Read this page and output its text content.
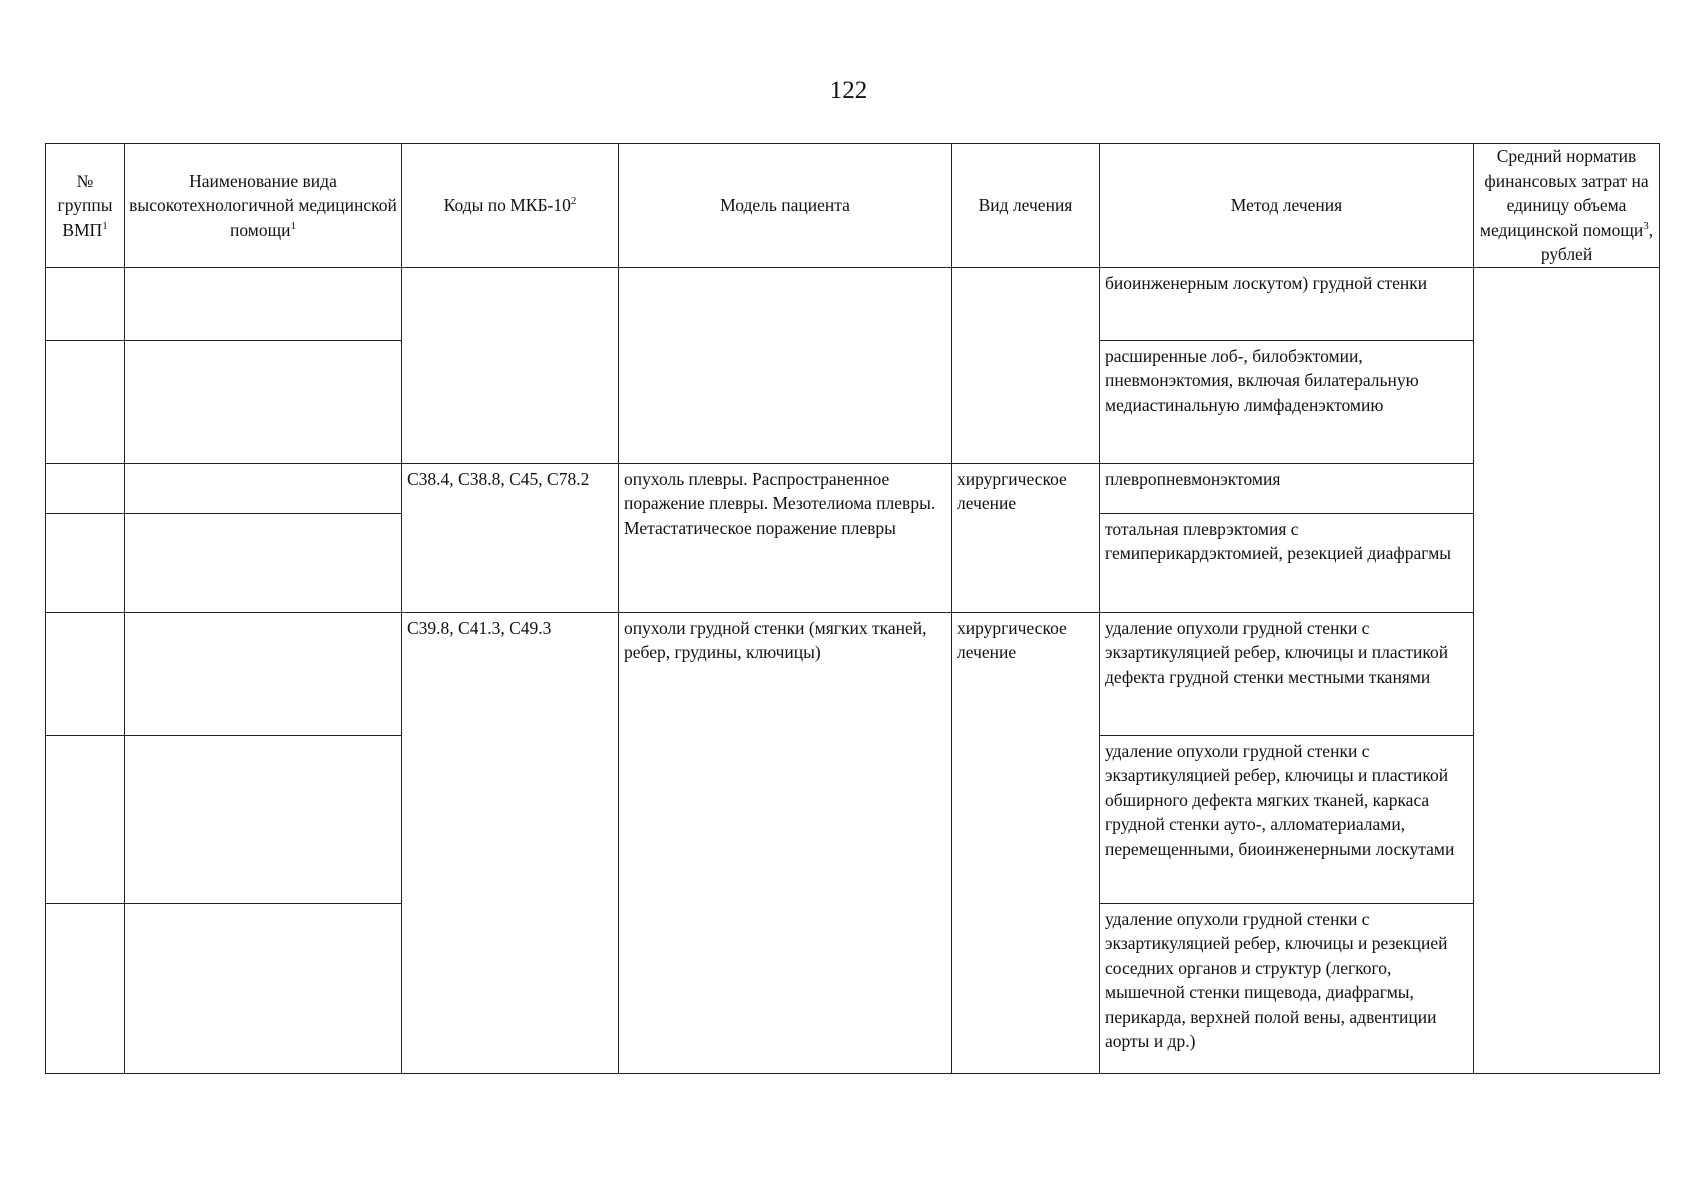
122
№ группы ВМП$^1$	Наименование вида высокотехнологичной медицинской помощи$^1$	Коды по МКБ-$10^2$	Модель пациента	Вид лечения	Метод лечения	Средний норматив финансовых затрат на единицу объема медицинской помощи$^3$, рублей
					биоинженерным лоскутом) грудной стенки	
					расширенные лоб-, билобэктомии, пневмонэктомия, включая билатеральную медиастинальную лимфаденэктомию	
		C38.4, C38.8, C45, C78.2	опухоль плевры. Распространенное поражение плевры. Мезотелиома плевры. Метастатическое поражение плевры	хирургическое лечение	плевропневмонэктомия	
					тотальная плеврэктомия с гемиперикардэктомией, резекцией диафрагмы	
		C39.8, C41.3, C49.3	опухоли грудной стенки (мягких тканей, ребер, грудины, ключицы)	хирургическое лечение	удаление опухоли грудной стенки с экзартикуляцией ребер, ключицы и пластикой дефекта грудной стенки местными тканями	
					удаление опухоли грудной стенки с экзартикуляцией ребер, ключицы и пластикой обширного дефекта мягких тканей, каркаса грудной стенки ауто-, алломатериалами, перемещенными, биоинженерными лоскутами	
					удаление опухоли грудной стенки с экзартикуляцией ребер, ключицы и резекцией соседних органов и структур (легкого, мышечной стенки пищевода, диафрагмы, перикарда, верхней полой вены, адвентиции аорты и др.)	
